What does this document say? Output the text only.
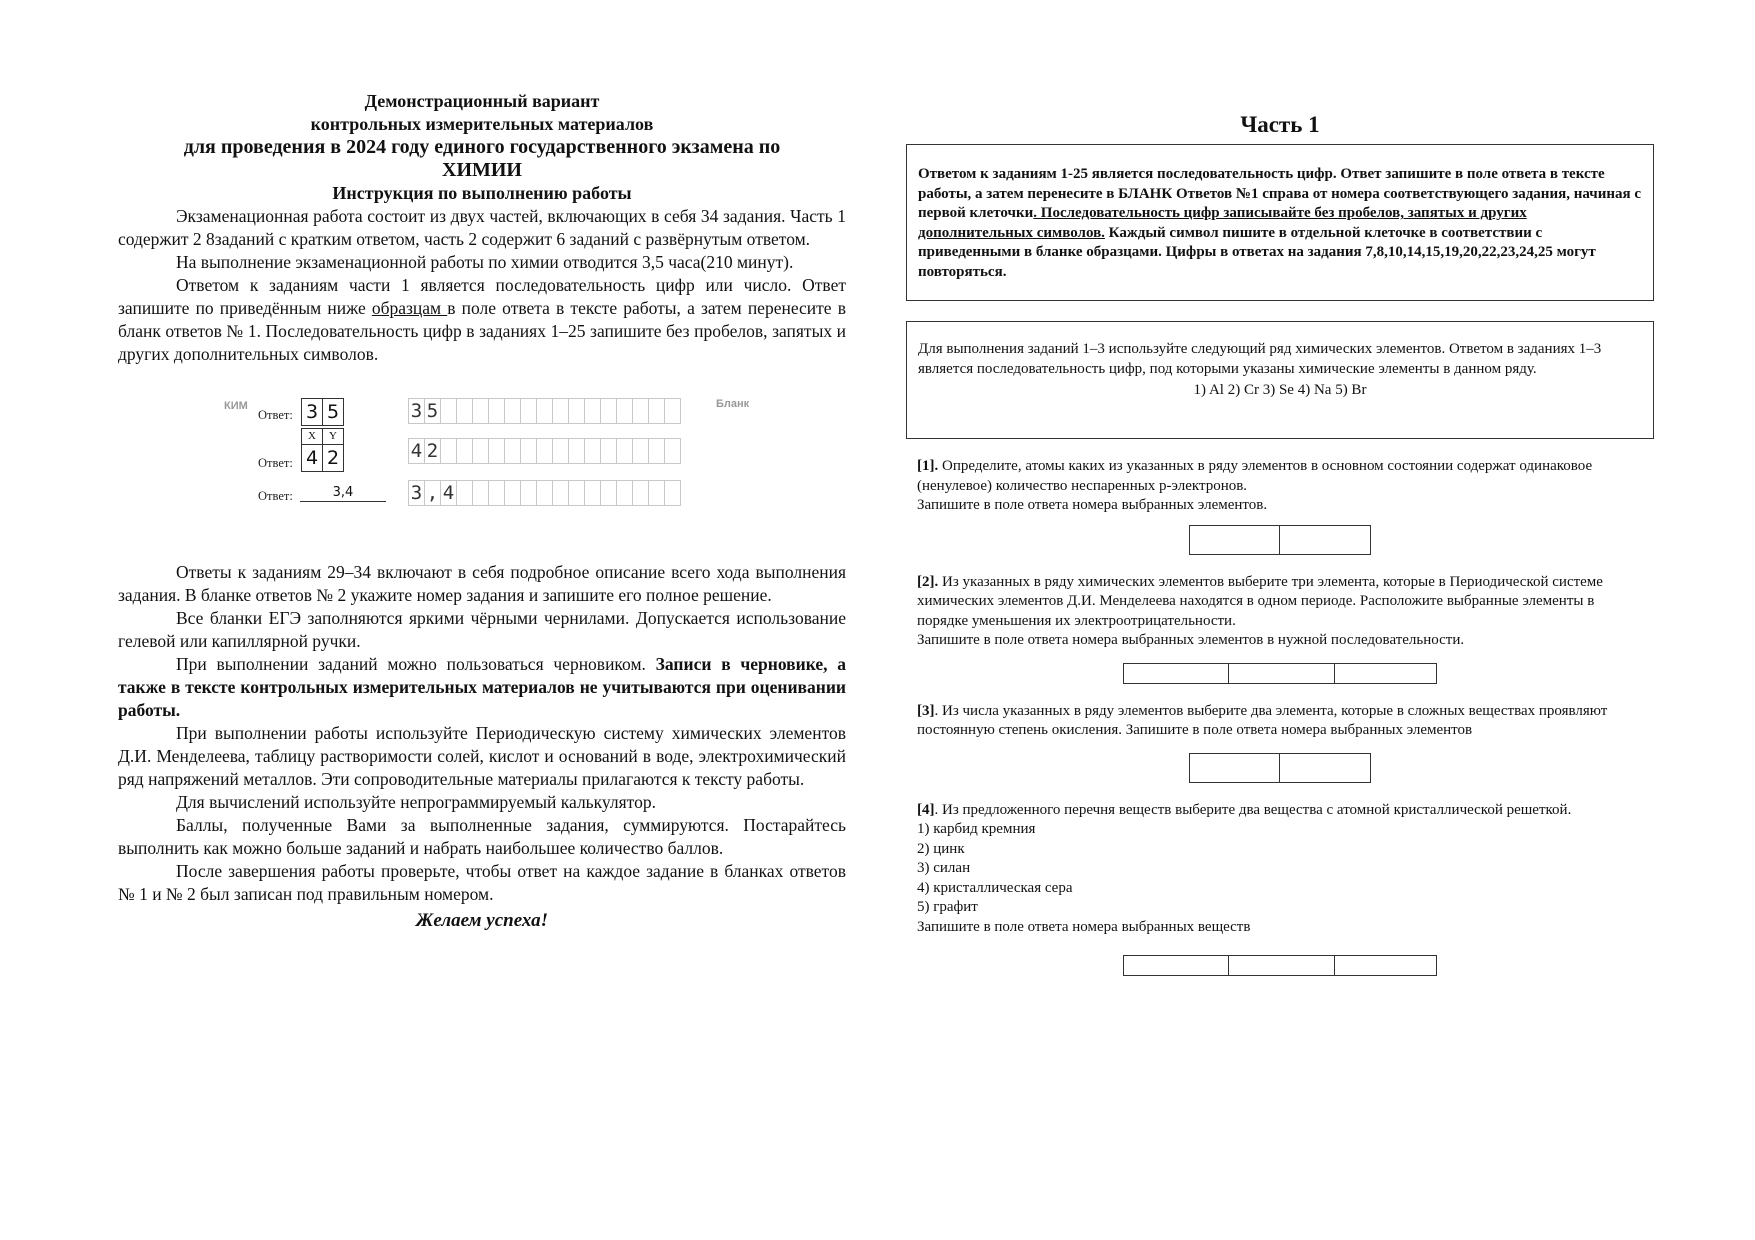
Демонстрационный вариант
контрольных измерительных материалов
для проведения в 2024 году единого государственного экзамена по
ХИМИИ
Инструкция по выполнению работы

Экзаменационная работа состоит из двух частей, включающих в себя 34 задания. Часть 1 содержит 2 8заданий с кратким ответом, часть 2 содержит 6 заданий с развёрнутым ответом.

На выполнение экзаменационной работы по химии отводится 3,5 часа(210 минут).

Ответом к заданиям части 1 является последовательность цифр или число. Ответ запишите по приведённым ниже образцам в поле ответа в тексте работы, а затем перенесите в бланк ответов № 1. Последовательность цифр в заданиях 1–25 запишите без пробелов, запятых и других дополнительных символов.

КИМ	Бланк
Ответ: 3 5
X	Y
Ответ: 4 2
Ответ:	3,4
3 5
4 2
3 , 4

Ответы к заданиям 29–34 включают в себя подробное описание всего хода выполнения задания. В бланке ответов № 2 укажите номер задания и запишите его полное решение.

Все бланки ЕГЭ заполняются яркими чёрными чернилами. Допускается использование гелевой или капиллярной ручки.

При выполнении заданий можно пользоваться черновиком. Записи в черновике, а также в тексте контрольных измерительных материалов не учитываются при оценивании работы.

При выполнении работы используйте Периодическую систему химических элементов Д.И. Менделеева, таблицу растворимости солей, кислот и оснований в воде, электрохимический ряд напряжений металлов. Эти сопроводительные материалы прилагаются к тексту работы.

Для вычислений используйте непрограммируемый калькулятор.

Баллы, полученные Вами за выполненные задания, суммируются. Постарайтесь выполнить как можно больше заданий и набрать наибольшее количество баллов.

После завершения работы проверьте, чтобы ответ на каждое задание в бланках ответов № 1 и № 2 был записан под правильным номером.

Желаем успеха!
Часть 1
Ответом к заданиям 1-25 является последовательность цифр. Ответ запишите в поле ответа в тексте работы, а затем перенесите в БЛАНК Ответов №1 справа от номера соответствующего задания, начиная с первой клеточки. Последовательность цифр записывайте без пробелов, запятых и других дополнительных символов. Каждый символ пишите в отдельной клеточке в соответствии с приведенными в бланке образцами. Цифры в ответах на задания 7,8,10,14,15,19,20,22,23,24,25 могут повторяться.
Для выполнения заданий 1–3 используйте следующий ряд химических элементов. Ответом в заданиях 1–3 является последовательность цифр, под которыми указаны химические элементы в данном ряду.
1) Al 2) Cr 3) Se 4) Na 5) Br
[1]. Определите, атомы каких из указанных в ряду элементов в основном состоянии содержат одинаковое (ненулевое) количество неспаренных р-электронов.
Запишите в поле ответа номера выбранных элементов.
[2]. Из указанных в ряду химических элементов выберите три элемента, которые в Периодической системе химических элементов Д.И. Менделеева находятся в одном периоде. Расположите выбранные элементы в порядке уменьшения их электроотрицательности.
Запишите в поле ответа номера выбранных элементов в нужной последовательности.
[3]. Из числа указанных в ряду элементов выберите два элемента, которые в сложных веществах проявляют постоянную степень окисления. Запишите в поле ответа номера выбранных элементов
[4]. Из предложенного перечня веществ выберите два вещества с атомной кристаллической решеткой.
1) карбид кремния
2) цинк
3) силан
4) кристаллическая сера
5) графит
Запишите в поле ответа номера выбранных веществ
